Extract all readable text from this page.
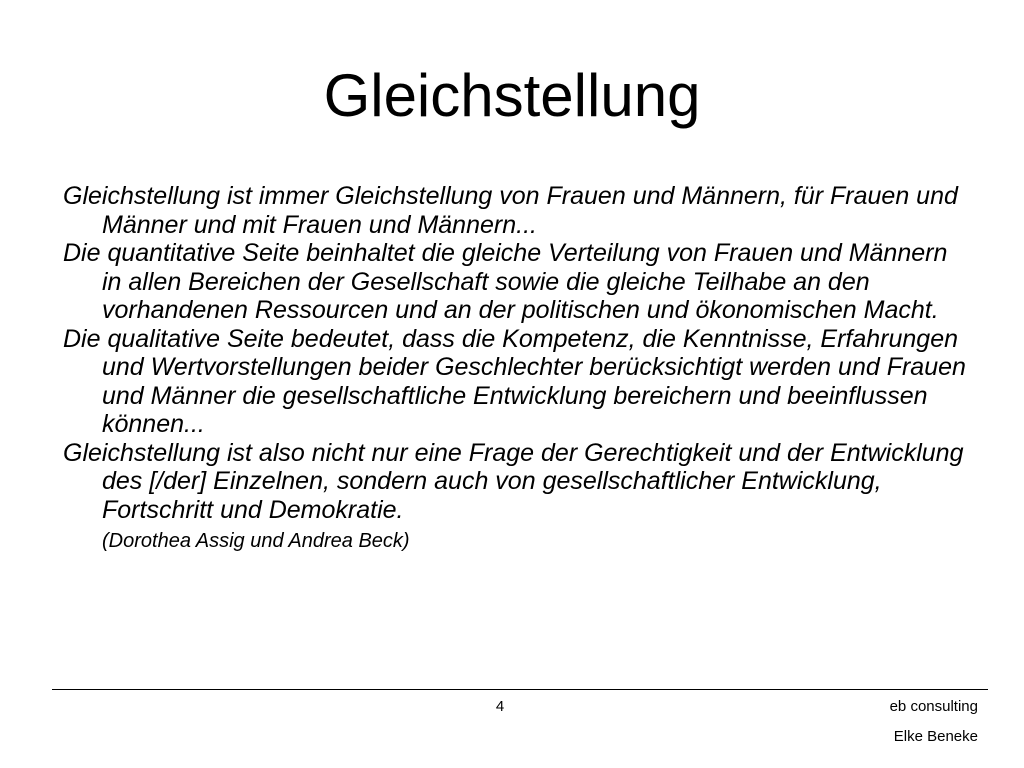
Gleichstellung

Gleichstellung ist immer Gleichstellung von Frauen und Männern, für Frauen und Männer und mit Frauen und Männern...

Die quantitative Seite beinhaltet die gleiche Verteilung von Frauen und Männern in allen Bereichen der Gesellschaft sowie die gleiche Teilhabe an den vorhandenen Ressourcen und an der politischen und ökonomischen Macht.

Die qualitative Seite bedeutet, dass die Kompetenz, die Kenntnisse, Erfahrungen und Wertvorstellungen beider Geschlechter berücksichtigt werden und Frauen und Männer die gesellschaftliche Entwicklung bereichern und beeinflussen können...

Gleichstellung ist also nicht nur eine Frage der Gerechtigkeit und der Entwicklung des [/der] Einzelnen, sondern auch von gesellschaftlicher Entwicklung, Fortschritt und Demokratie.

(Dorothea Assig und Andrea Beck)

4	eb consulting
Elke Beneke
